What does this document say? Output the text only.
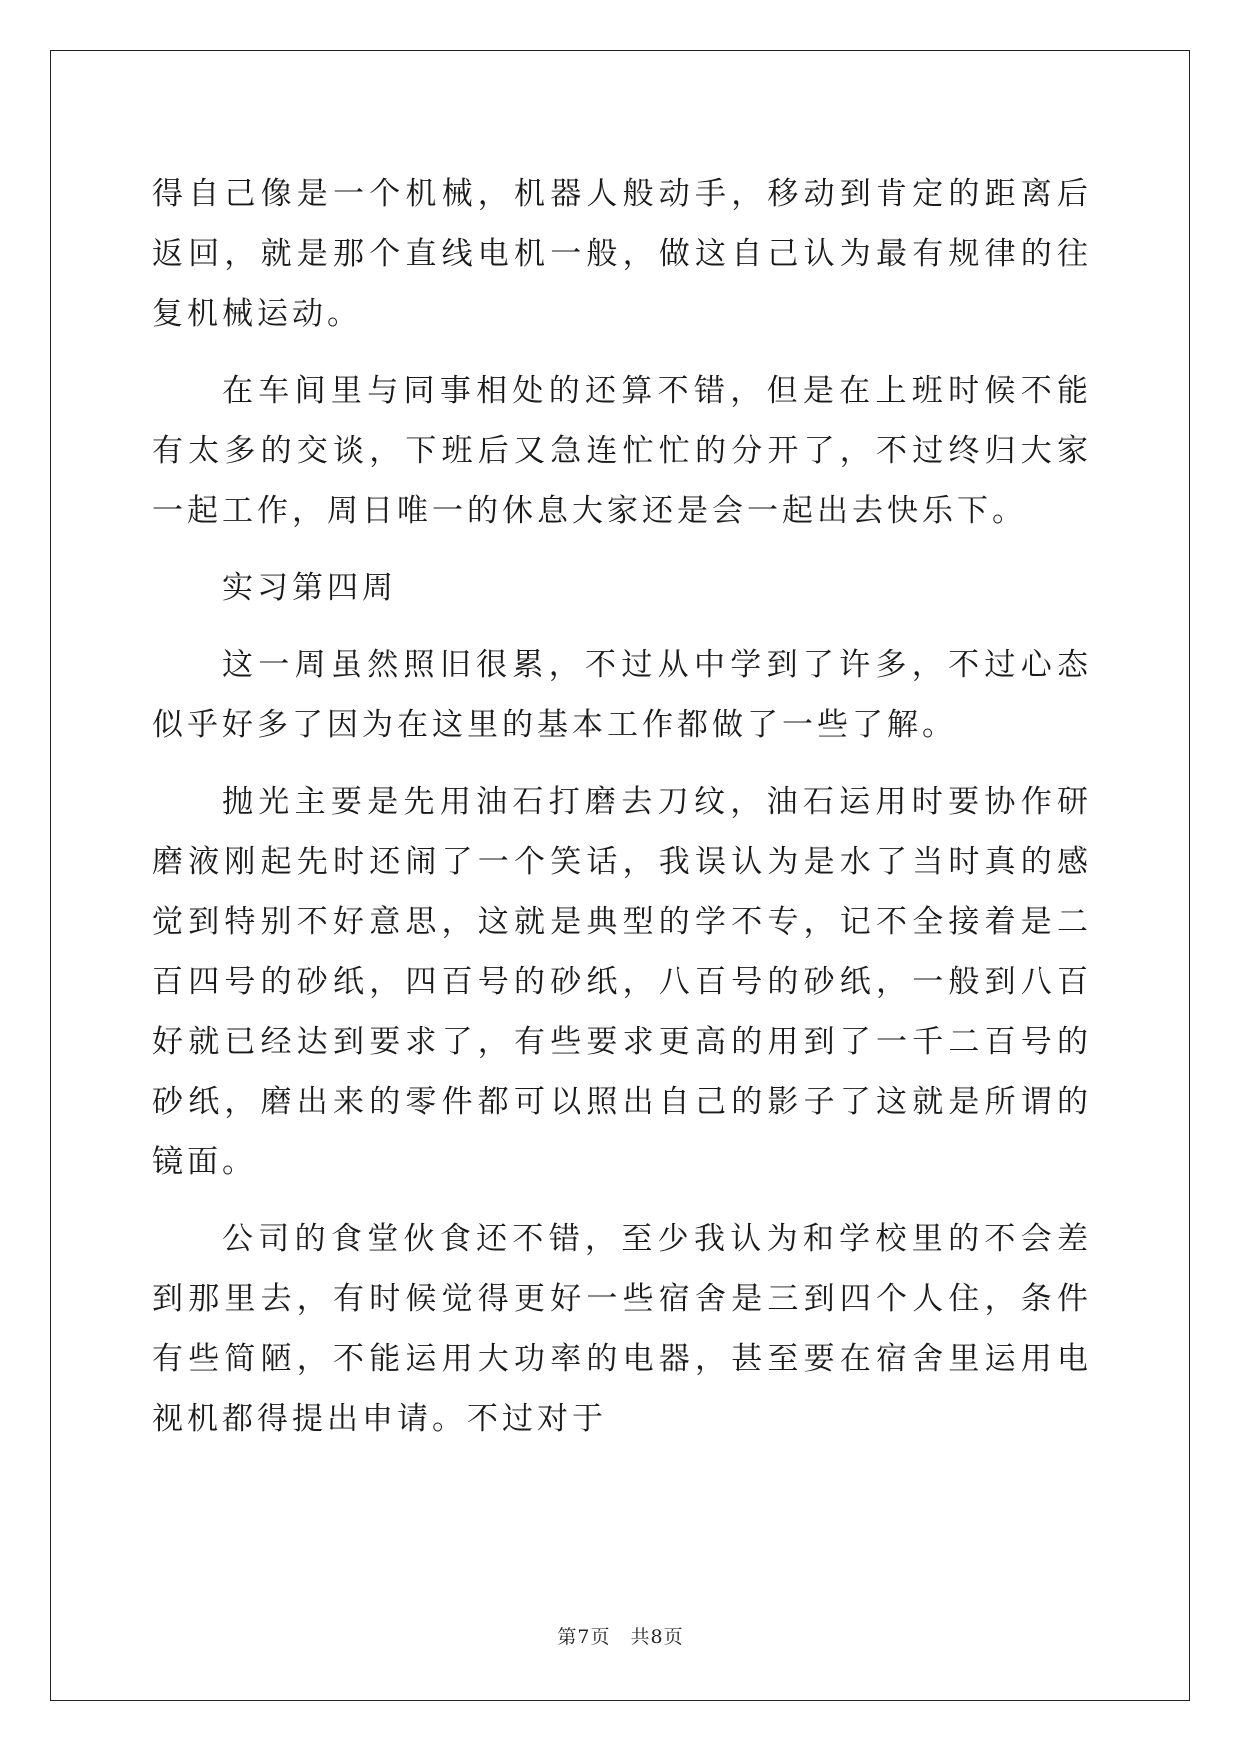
得自己像是一个机械，机器人般动手，移动到肯定的距离后返回，就是那个直线电机一般，做这自己认为最有规律的往复机械运动。

在车间里与同事相处的还算不错，但是在上班时候不能有太多的交谈，下班后又急连忙忙的分开了，不过终归大家一起工作，周日唯一的休息大家还是会一起出去快乐下。

实习第四周

这一周虽然照旧很累，不过从中学到了许多，不过心态似乎好多了因为在这里的基本工作都做了一些了解。

抛光主要是先用油石打磨去刀纹，油石运用时要协作研磨液刚起先时还闹了一个笑话，我误认为是水了当时真的感觉到特别不好意思，这就是典型的学不专，记不全接着是二百四号的砂纸，四百号的砂纸，八百号的砂纸，一般到八百好就已经达到要求了，有些要求更高的用到了一千二百号的砂纸，磨出来的零件都可以照出自己的影子了这就是所谓的镜面。

公司的食堂伙食还不错，至少我认为和学校里的不会差到那里去，有时候觉得更好一些宿舍是三到四个人住，条件有些简陋，不能运用大功率的电器，甚至要在宿舍里运用电视机都得提出申请。不过对于

第7页　共8页
